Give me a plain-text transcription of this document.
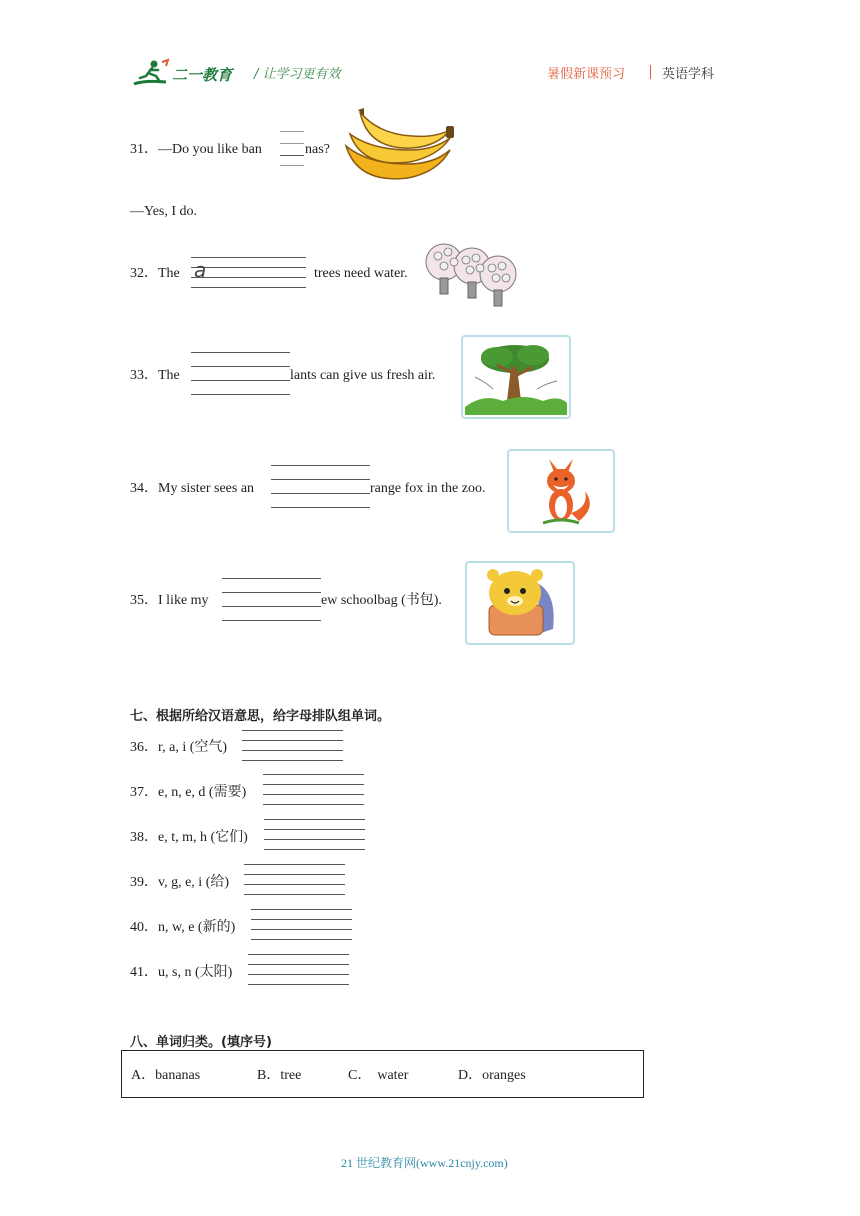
二一教育 / 让学习更有效	暑假新课预习	英语学科
31．—Do you like ban	nas?
—Yes, I do.
32．The a	trees need water.
33．The	lants can give us fresh air.
34．My sister sees an	range fox in the zoo.
35．I like my	ew schoolbag (书包).
七、根据所给汉语意思，给字母排队组单词。
36．r, a, i (空气)
37．e, n, e, d (需要)
38．e, t, m, h (它们)
39．v, g, e, i (给)
40．n, w, e (新的)
41．u, s, n (太阳)
八、单词归类。(填序号)
A．bananas	B．tree	C． water	D．oranges
21 世纪教育网(www.21cnjy.com)
